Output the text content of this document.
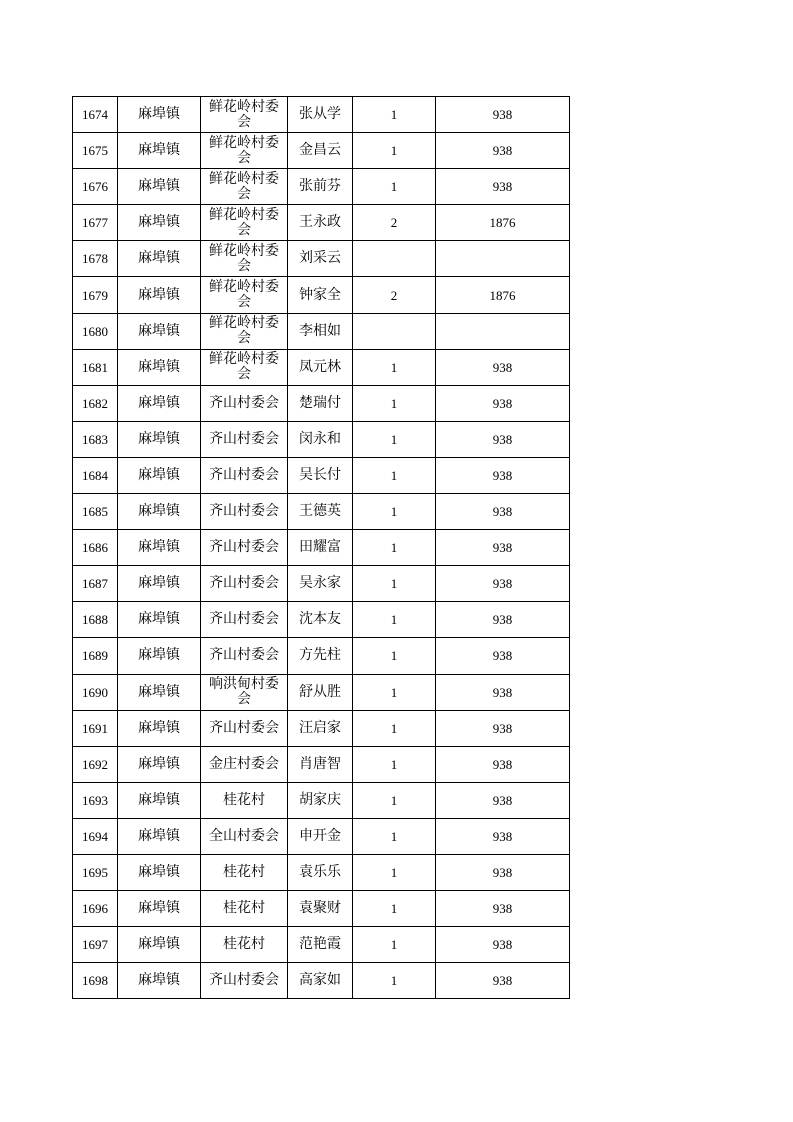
1674	麻埠镇	鲜花岭村委会	张从学	1	938
1675	麻埠镇	鲜花岭村委会	金昌云	1	938
1676	麻埠镇	鲜花岭村委会	张前芬	1	938
1677	麻埠镇	鲜花岭村委会	王永政	2	1876
1678	麻埠镇	鲜花岭村委会	刘采云		
1679	麻埠镇	鲜花岭村委会	钟家全	2	1876
1680	麻埠镇	鲜花岭村委会	李相如		
1681	麻埠镇	鲜花岭村委会	凤元林	1	938
1682	麻埠镇	齐山村委会	楚瑞付	1	938
1683	麻埠镇	齐山村委会	闵永和	1	938
1684	麻埠镇	齐山村委会	吴长付	1	938
1685	麻埠镇	齐山村委会	王德英	1	938
1686	麻埠镇	齐山村委会	田耀富	1	938
1687	麻埠镇	齐山村委会	吴永家	1	938
1688	麻埠镇	齐山村委会	沈本友	1	938
1689	麻埠镇	齐山村委会	方先柱	1	938
1690	麻埠镇	响洪甸村委会	舒从胜	1	938
1691	麻埠镇	齐山村委会	汪启家	1	938
1692	麻埠镇	金庄村委会	肖唐智	1	938
1693	麻埠镇	桂花村	胡家庆	1	938
1694	麻埠镇	全山村委会	申开金	1	938
1695	麻埠镇	桂花村	袁乐乐	1	938
1696	麻埠镇	桂花村	袁聚财	1	938
1697	麻埠镇	桂花村	范艳霞	1	938
1698	麻埠镇	齐山村委会	高家如	1	938
